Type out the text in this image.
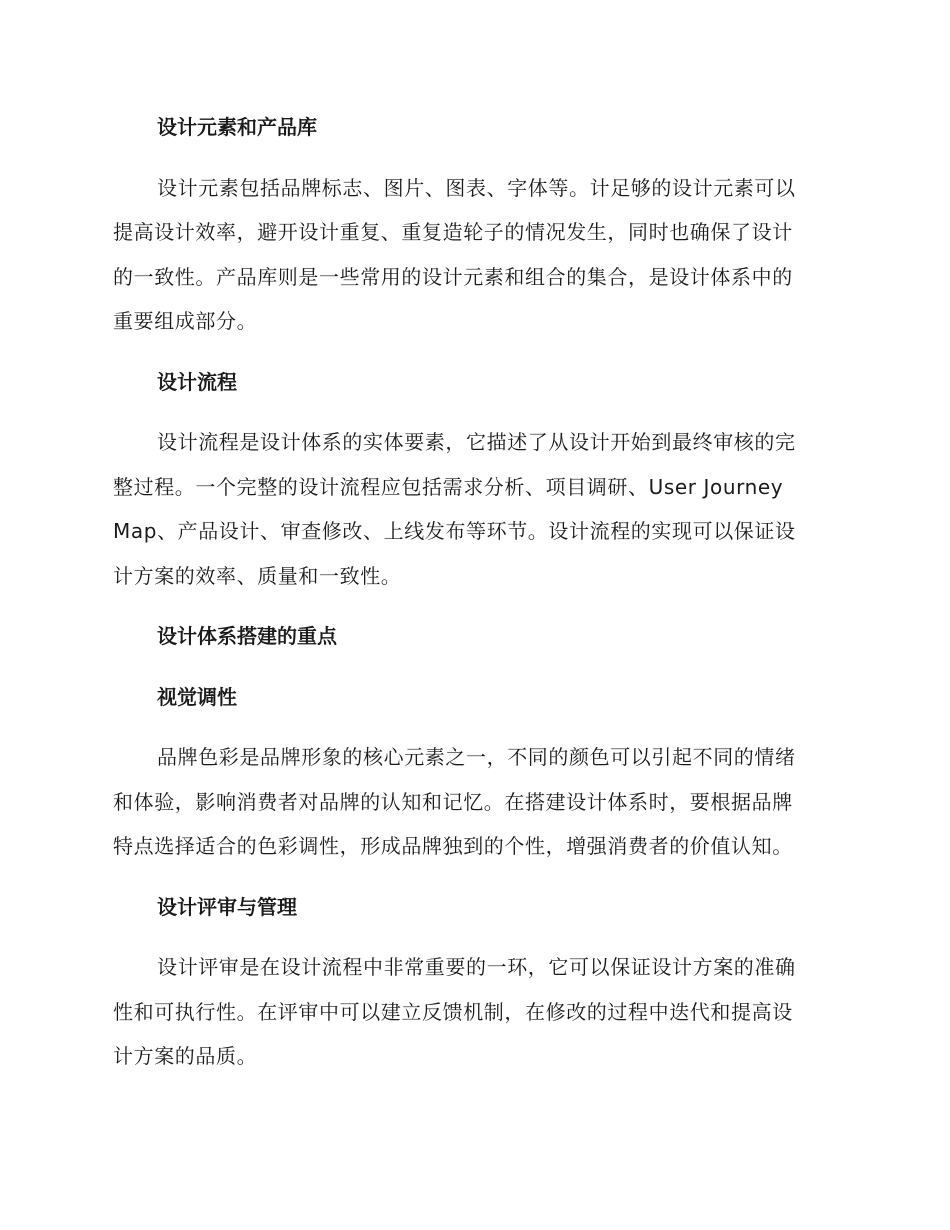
设计元素和产品库
设计元素包括品牌标志、图片、图表、字体等。计足够的设计元素可以
提高设计效率，避开设计重复、重复造轮子的情况发生，同时也确保了设计
的一致性。产品库则是一些常用的设计元素和组合的集合，是设计体系中的
重要组成部分。
设计流程
设计流程是设计体系的实体要素，它描述了从设计开始到最终审核的完
整过程。一个完整的设计流程应包括需求分析、项目调研、User Journey
Map、产品设计、审查修改、上线发布等环节。设计流程的实现可以保证设
计方案的效率、质量和一致性。
设计体系搭建的重点
视觉调性
品牌色彩是品牌形象的核心元素之一，不同的颜色可以引起不同的情绪
和体验，影响消费者对品牌的认知和记忆。在搭建设计体系时，要根据品牌
特点选择适合的色彩调性，形成品牌独到的个性，增强消费者的价值认知。
设计评审与管理
设计评审是在设计流程中非常重要的一环，它可以保证设计方案的准确
性和可执行性。在评审中可以建立反馈机制，在修改的过程中迭代和提高设
计方案的品质。
